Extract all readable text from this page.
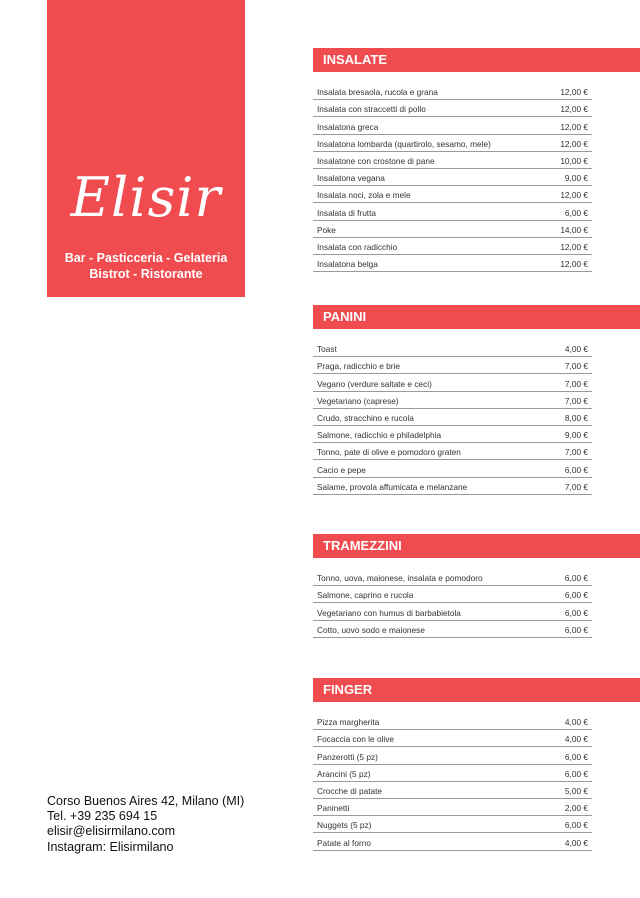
Elisir
Bar - Pasticceria - Gelateria
Bistrot - Ristorante
Corso Buenos Aires 42, Milano (MI)
Tel. +39 235 694 15
elisir@elisirmilano.com
Instagram: Elisirmilano
INSALATE
Insalata bresaola, rucola e grana	12,00 €
Insalata con straccetti di pollo	12,00 €
Insalatona greca	12,00 €
Insalatona lombarda (quartirolo, sesamo, mele)	12,00 €
Insalatone con crostone di pane	10,00 €
Insalatona vegana	9,00 €
Insalata noci, zola e mele	12,00 €
Insalata di frutta	6,00 €
Poke	14,00 €
Insalata con radicchio	12,00 €
Insalatona belga	12,00 €
PANINI
Toast	4,00 €
Praga, radicchio e brie	7,00 €
Vegano (verdure saltate e ceci)	7,00 €
Vegetariano (caprese)	7,00 €
Crudo, stracchino e rucola	8,00 €
Salmone, radicchio e philadelphia	9,00 €
Tonno, pate di olive e pomodoro graten	7,00 €
Cacio e pepe	6,00 €
Salame, provola affumicata e melanzane	7,00 €
TRAMEZZINI
Tonno, uova, maionese, insalata e pomodoro	6,00 €
Salmone, caprino e rucola	6,00 €
Vegetariano con humus di barbabietola	6,00 €
Cotto, uovo sodo e maionese	6,00 €
FINGER
Pizza margherita	4,00 €
Focaccia con le olive	4,00 €
Panzerotti (5 pz)	6,00 €
Arancini (5 pz)	6,00 €
Crocche di patate	5,00 €
Paninetti	2,00 €
Nuggets (5 pz)	6,00 €
Patate al forno	4,00 €
